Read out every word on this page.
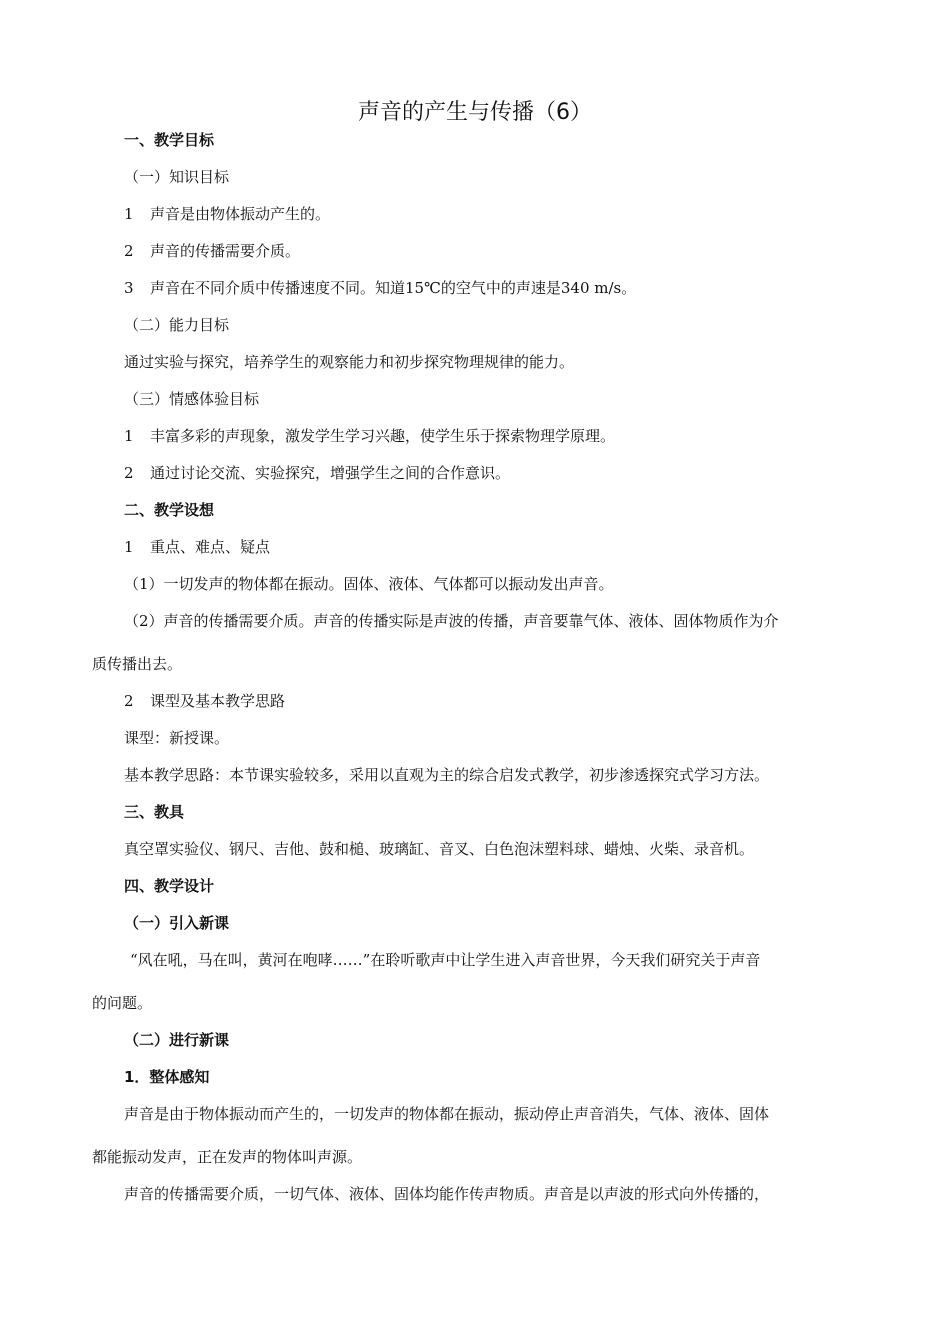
声音的产生与传播（6）
一、教学目标
（一）知识目标
1 声音是由物体振动产生的。
2 声音的传播需要介质。
3 声音在不同介质中传播速度不同。知道15℃的空气中的声速是340 m/s。
（二）能力目标
通过实验与探究，培养学生的观察能力和初步探究物理规律的能力。
（三）情感体验目标
1 丰富多彩的声现象，激发学生学习兴趣，使学生乐于探索物理学原理。
2 通过讨论交流、实验探究，增强学生之间的合作意识。
二、教学设想
1 重点、难点、疑点
（1）一切发声的物体都在振动。固体、液体、气体都可以振动发出声音。
（2）声音的传播需要介质。声音的传播实际是声波的传播，声音要靠气体、液体、固体物质作为介
质传播出去。
2 课型及基本教学思路
课型：新授课。
基本教学思路：本节课实验较多，采用以直观为主的综合启发式教学，初步渗透探究式学习方法。
三、教具
真空罩实验仪、钢尺、吉他、鼓和槌、玻璃缸、音叉、白色泡沫塑料球、蜡烛、火柴、录音机。
四、教学设计
（一）引入新课
“风在吼，马在叫，黄河在咆哮……”在聆听歌声中让学生进入声音世界，今天我们研究关于声音
的问题。
（二）进行新课
1．整体感知
声音是由于物体振动而产生的，一切发声的物体都在振动，振动停止声音消失，气体、液体、固体
都能振动发声，正在发声的物体叫声源。
声音的传播需要介质，一切气体、液体、固体均能作传声物质。声音是以声波的形式向外传播的，
